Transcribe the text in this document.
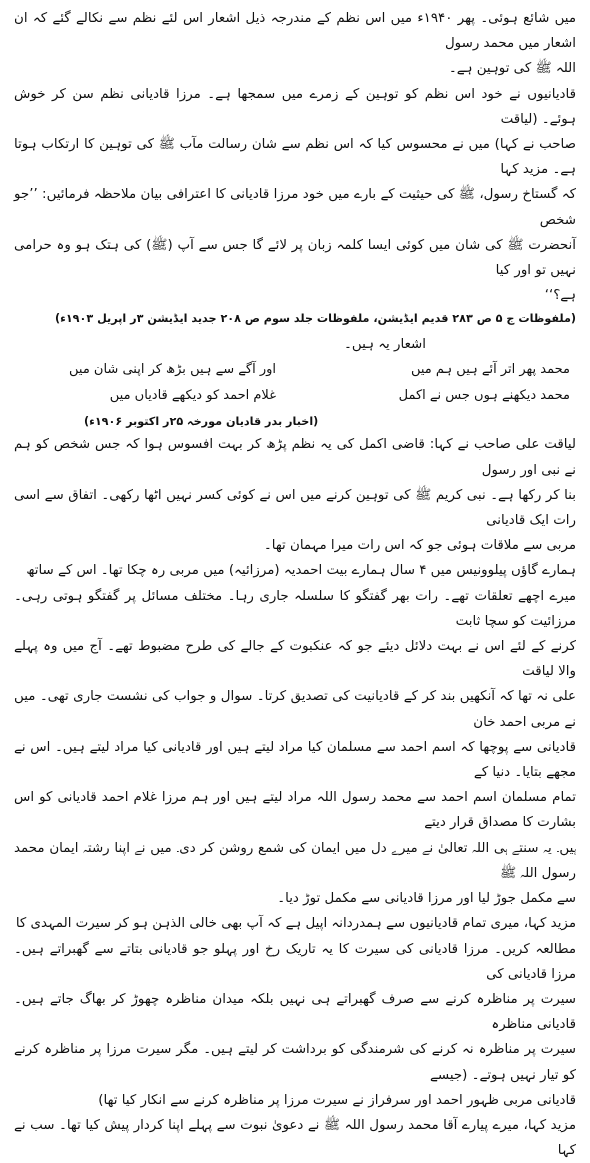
میں شائع ہوئی۔ پھر ۱۹۴۰ء میں اس نظم کے مندرجہ ذیل اشعار اس لئے نظم سے نکالے گئے کہ ان اشعار میں محمد رسول

اللہ ﷺ کی توہین ہے۔

قادیانیوں نے خود اس نظم کو توہین کے زمرے میں سمجھا ہے۔ مرزا قادیانی نظم سن کر خوش ہوئے۔ (لیاقت

صاحب نے کہا) میں نے محسوس کیا کہ اس نظم سے شان رسالت مآب ﷺ کی توہین کا ارتکاب ہوتا ہے۔ مزید کہا

کہ گستاخ رسول، ﷺ کی حیثیت کے بارے میں خود مرزا قادیانی کا اعترافی بیان ملاحظہ فرمائیں: ’’جو شخص

آنحضرت ﷺ کی شان میں کوئی ایسا کلمہ زبان پر لائے گا جس سے آپ (ﷺ) کی ہتک ہو وہ حرامی نہیں تو اور کیا

ہے؟‘‘

(ملفوظات ج ۵ ص ۲۸۳ قدیم ایڈیشن، ملفوظات جلد سوم ص ۲۰۸ جدید ایڈیشن ۳ر اپریل ۱۹۰۳ء)

اشعار یہ ہیں۔

محمد پھر اتر آئے ہیں ہم میں
اور آگے سے ہیں بڑھ کر اپنی شان میں
محمد دیکھنے ہوں جس نے اکمل
غلام احمد کو دیکھے قادیاں میں

(اخبار بدر قادیان مورخہ ۲۵ر اکتوبر ۱۹۰۶ء)

لیاقت علی صاحب نے کہا: قاضی اکمل کی یہ نظم پڑھ کر بہت افسوس ہوا کہ جس شخص کو ہم نے نبی اور رسول

بنا کر رکھا ہے۔ نبی کریم ﷺ کی توہین کرنے میں اس نے کوئی کسر نہیں اٹھا رکھی۔ اتفاق سے اسی رات ایک قادیانی

مربی سے ملاقات ہوئی جو کہ اس رات میرا مہمان تھا۔

ہمارے گاؤں پیلوونیس میں ۴ سال ہمارے بیت احمدیہ (مرزائیہ) میں مربی رہ چکا تھا۔ اس کے ساتھ

میرے اچھے تعلقات تھے۔ رات بھر گفتگو کا سلسلہ جاری رہا۔ مختلف مسائل پر گفتگو ہوتی رہی۔ مرزائیت کو سچا ثابت

کرنے کے لئے اس نے بہت دلائل دیئے جو کہ عنکبوت کے جالے کی طرح مضبوط تھے۔ آج میں وہ پہلے والا لیاقت

علی نہ تھا کہ آنکھیں بند کر کے قادیانیت کی تصدیق کرتا۔ سوال و جواب کی نشست جاری تھی۔ میں نے مربی احمد خان

قادیانی سے پوچھا کہ اسم احمد سے مسلمان کیا مراد لیتے ہیں اور قادیانی کیا مراد لیتے ہیں۔ اس نے مجھے بتایا۔ دنیا کے

تمام مسلمان اسم احمد سے محمد رسول اللہ مراد لیتے ہیں اور ہم مرزا غلام احمد قادیانی کو اس بشارت کا مصداق قرار دیتے

ہیں۔ یہ سنتے ہی اللہ تعالیٰ نے میرے دل میں ایمان کی شمع روشن کر دی۔ میں نے اپنا رشتہ ایمان محمد رسول اللہ ﷺ

سے مکمل جوڑ لیا اور مرزا قادیانی سے مکمل توڑ دیا۔

مزید کہا، میری تمام قادیانیوں سے ہمدردانہ اپیل ہے کہ آپ بھی خالی الذہن ہو کر سیرت المہدی کا

مطالعہ کریں۔ مرزا قادیانی کی سیرت کا یہ تاریک رخ اور پہلو جو قادیانی بتاتے سے گھبراتے ہیں۔ مرزا قادیانی کی

سیرت پر مناظرہ کرنے سے صرف گھبراتے ہی نہیں بلکہ میدان مناظرہ چھوڑ کر بھاگ جاتے ہیں۔ قادیانی مناظرہ

سیرت پر مناظرہ نہ کرنے کی شرمندگی کو برداشت کر لیتے ہیں۔ مگر سیرت مرزا پر مناظرہ کرنے کو تیار نہیں ہوتے۔ (جیسے

قادیانی مربی ظہور احمد اور سرفراز نے سیرت مرزا پر مناظرہ کرنے سے انکار کیا تھا)

مزید کہا، میرے پیارے آقا محمد رسول اللہ ﷺ نے دعویٰ نبوت سے پہلے اپنا کردار پیش کیا تھا۔ سب نے کہا
